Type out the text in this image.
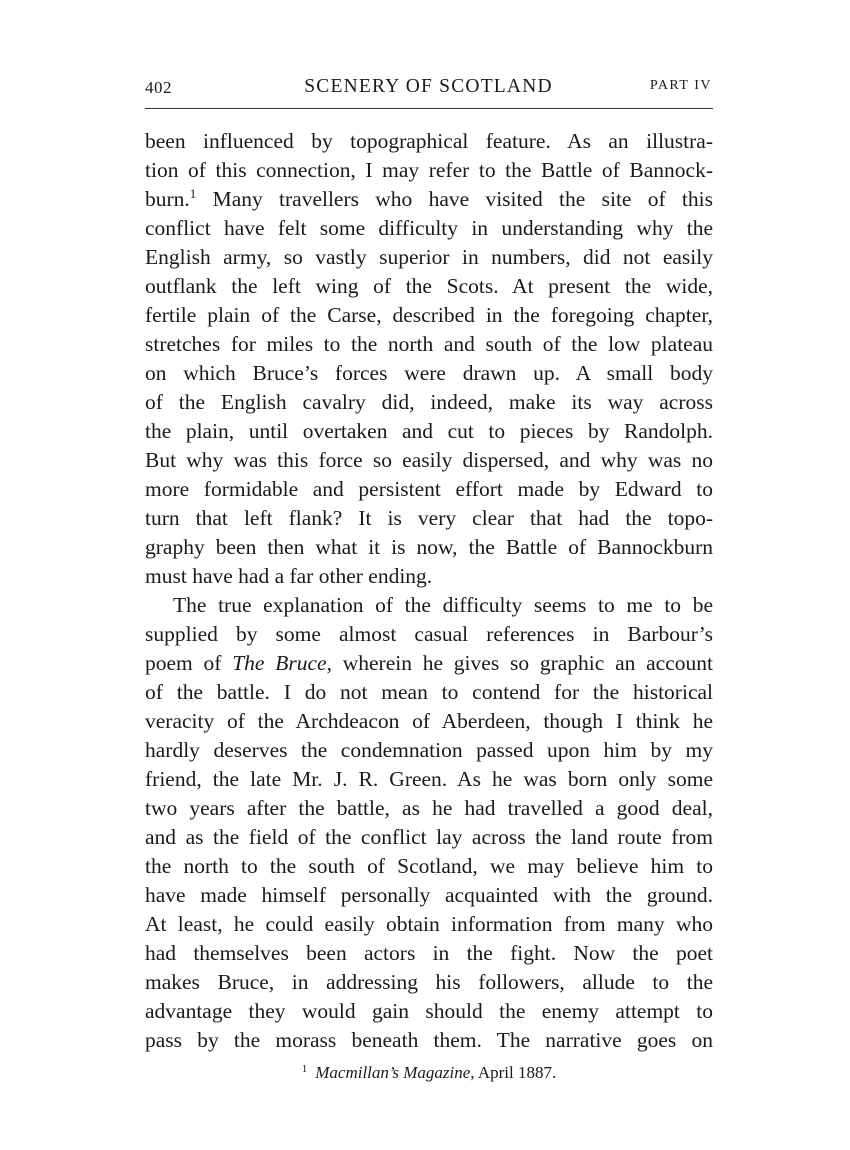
402	SCENERY OF SCOTLAND	PART IV
been influenced by topographical feature. As an illustra-
tion of this connection, I may refer to the Battle of Bannock-
burn.$^1$ Many travellers who have visited the site of this
conflict have felt some difficulty in understanding why the
English army, so vastly superior in numbers, did not easily
outflank the left wing of the Scots. At present the wide,
fertile plain of the Carse, described in the foregoing chapter,
stretches for miles to the north and south of the low plateau
on which Bruce’s forces were drawn up. A small body
of the English cavalry did, indeed, make its way across
the plain, until overtaken and cut to pieces by Randolph.
But why was this force so easily dispersed, and why was no
more formidable and persistent effort made by Edward to
turn that left flank? It is very clear that had the topo-
graphy been then what it is now, the Battle of Bannockburn
must have had a far other ending.
The true explanation of the difficulty seems to me to be
supplied by some almost casual references in Barbour’s
poem of The Bruce, wherein he gives so graphic an account
of the battle. I do not mean to contend for the historical
veracity of the Archdeacon of Aberdeen, though I think he
hardly deserves the condemnation passed upon him by my
friend, the late Mr. J. R. Green. As he was born only some
two years after the battle, as he had travelled a good deal,
and as the field of the conflict lay across the land route from
the north to the south of Scotland, we may believe him to
have made himself personally acquainted with the ground.
At least, he could easily obtain information from many who
had themselves been actors in the fight. Now the poet
makes Bruce, in addressing his followers, allude to the
advantage they would gain should the enemy attempt to
pass by the morass beneath them. The narrative goes on
$^1$ Macmillan’s Magazine, April 1887.
